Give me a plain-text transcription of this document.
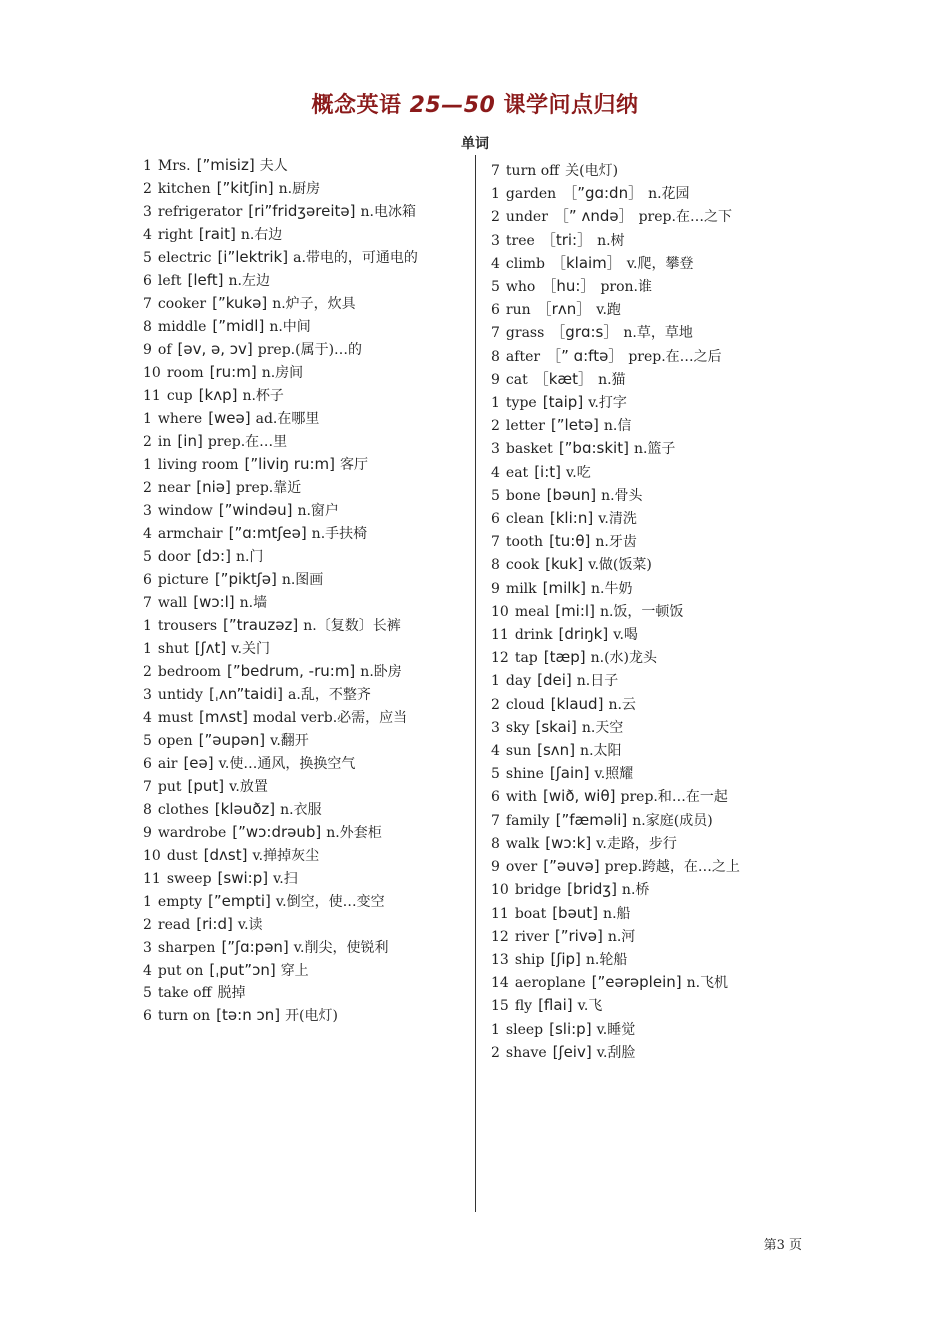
概念英语 25—50 课学问点归纳
单词
1 Mrs. [”misiz] 夫人
2 kitchen [”kitʃin] n.厨房
3 refrigerator [ri”fridʒəreitə] n.电冰箱
4 right [rait] n.右边
5 electric [i”lektrik] a.带电的，可通电的
6 left [left] n.左边
7 cooker [”kukə] n.炉子，炊具
8 middle [”midl] n.中间
9 of [əv, ə, ɔv] prep.(属于)…的
10 room [ru:m] n.房间
11 cup [kʌp] n.杯子
1 where [weə] ad.在哪里
2 in [in] prep.在…里
1 living room [”liviŋ ru:m] 客厅
2 near [niə] prep.靠近
3 window [”windəu] n.窗户
4 armchair [”ɑ:mtʃeə] n.手扶椅
5 door [dɔ:] n.门
6 picture [”piktʃə] n.图画
7 wall [wɔ:l] n.墙
1 trousers [”trauzəz] n.〔复数〕长裤
1 shut [ʃʌt] v.关门
2 bedroom [”bedrum, -ru:m] n.卧房
3 untidy [ˌʌn”taidi] a.乱，不整齐
4 must [mʌst] modal verb.必需，应当
5 open [”əupən] v.翻开
6 air [eə] v.使…通风，换换空气
7 put [put] v.放置
8 clothes [kləuðz] n.衣服
9 wardrobe [”wɔ:drəub] n.外套柜
10 dust [dʌst] v.掸掉灰尘
11 sweep [swi:p] v.扫
1 empty [”empti] v.倒空，使…变空
2 read [ri:d] v.读
3 sharpen [”ʃɑ:pən] v.削尖，使锐利
4 put on [ˌput”ɔn] 穿上
5 take off 脱掉
6 turn on [tə:n ɔn] 开(电灯)
7 turn off 关(电灯)
1 garden ［”gɑ:dn］ n.花园
2 under ［” ʌndə］ prep.在…之下
3 tree ［tri:］ n.树
4 climb ［klaim］ v.爬，攀登
5 who ［hu:］ pron.谁
6 run ［rʌn］ v.跑
7 grass ［grɑ:s］ n.草，草地
8 after ［” ɑ:ftə］ prep.在…之后
9 cat ［kæt］ n.猫
1 type [taip] v.打字
2 letter [”letə] n.信
3 basket [”bɑ:skit] n.篮子
4 eat [i:t] v.吃
5 bone [bəun] n.骨头
6 clean [kli:n] v.清洗
7 tooth [tu:θ] n.牙齿
8 cook [kuk] v.做(饭菜)
9 milk [milk] n.牛奶
10 meal [mi:l] n.饭，一顿饭
11 drink [driŋk] v.喝
12 tap [tæp] n.(水)龙头
1 day [dei] n.日子
2 cloud [klaud] n.云
3 sky [skai] n.天空
4 sun [sʌn] n.太阳
5 shine [ʃain] v.照耀
6 with [wið, wiθ] prep.和…在一起
7 family [”fæməli] n.家庭(成员)
8 walk [wɔ:k] v.走路，步行
9 over [”əuvə] prep.跨越，在…之上
10 bridge [bridʒ] n.桥
11 boat [bəut] n.船
12 river [”rivə] n.河
13 ship [ʃip] n.轮船
14 aeroplane [”eərəplein] n.飞机
15 fly [flai] v.飞
1 sleep [sli:p] v.睡觉
2 shave [ʃeiv] v.刮脸
第3 页
